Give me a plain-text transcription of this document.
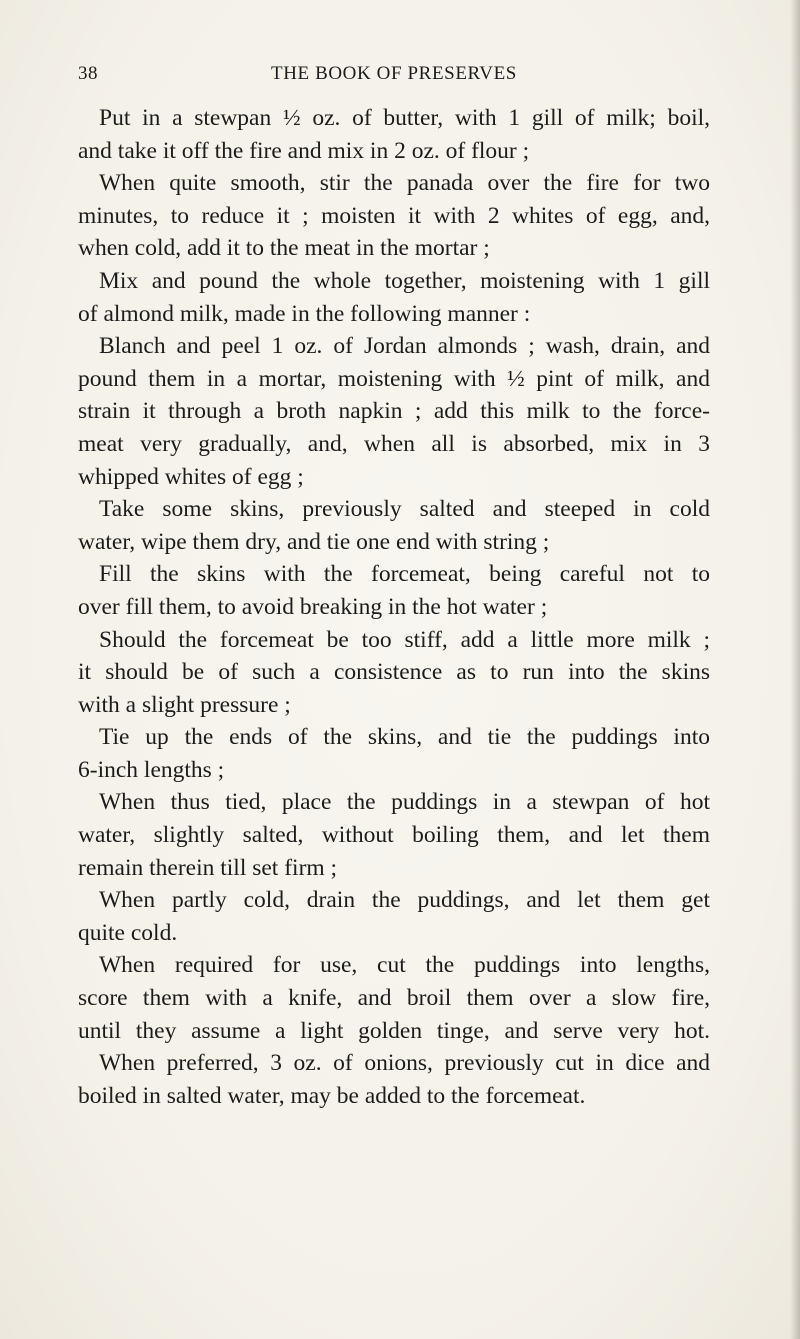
38	THE BOOK OF PRESERVES
Put in a stewpan ½ oz. of butter, with 1 gill of milk; boil,
and take it off the fire and mix in 2 oz. of flour ;
When quite smooth, stir the panada over the fire for two
minutes, to reduce it ; moisten it with 2 whites of egg, and,
when cold, add it to the meat in the mortar ;
Mix and pound the whole together, moistening with 1 gill
of almond milk, made in the following manner :
Blanch and peel 1 oz. of Jordan almonds ; wash, drain, and
pound them in a mortar, moistening with ½ pint of milk, and
strain it through a broth napkin ; add this milk to the force-
meat very gradually, and, when all is absorbed, mix in 3
whipped whites of egg ;
Take some skins, previously salted and steeped in cold
water, wipe them dry, and tie one end with string ;
Fill the skins with the forcemeat, being careful not to
over fill them, to avoid breaking in the hot water ;
Should the forcemeat be too stiff, add a little more milk ;
it should be of such a consistence as to run into the skins
with a slight pressure ;
Tie up the ends of the skins, and tie the puddings into
6-inch lengths ;
When thus tied, place the puddings in a stewpan of hot
water, slightly salted, without boiling them, and let them
remain therein till set firm ;
When partly cold, drain the puddings, and let them get
quite cold.
When required for use, cut the puddings into lengths,
score them with a knife, and broil them over a slow fire,
until they assume a light golden tinge, and serve very hot.
When preferred, 3 oz. of onions, previously cut in dice and
boiled in salted water, may be added to the forcemeat.
